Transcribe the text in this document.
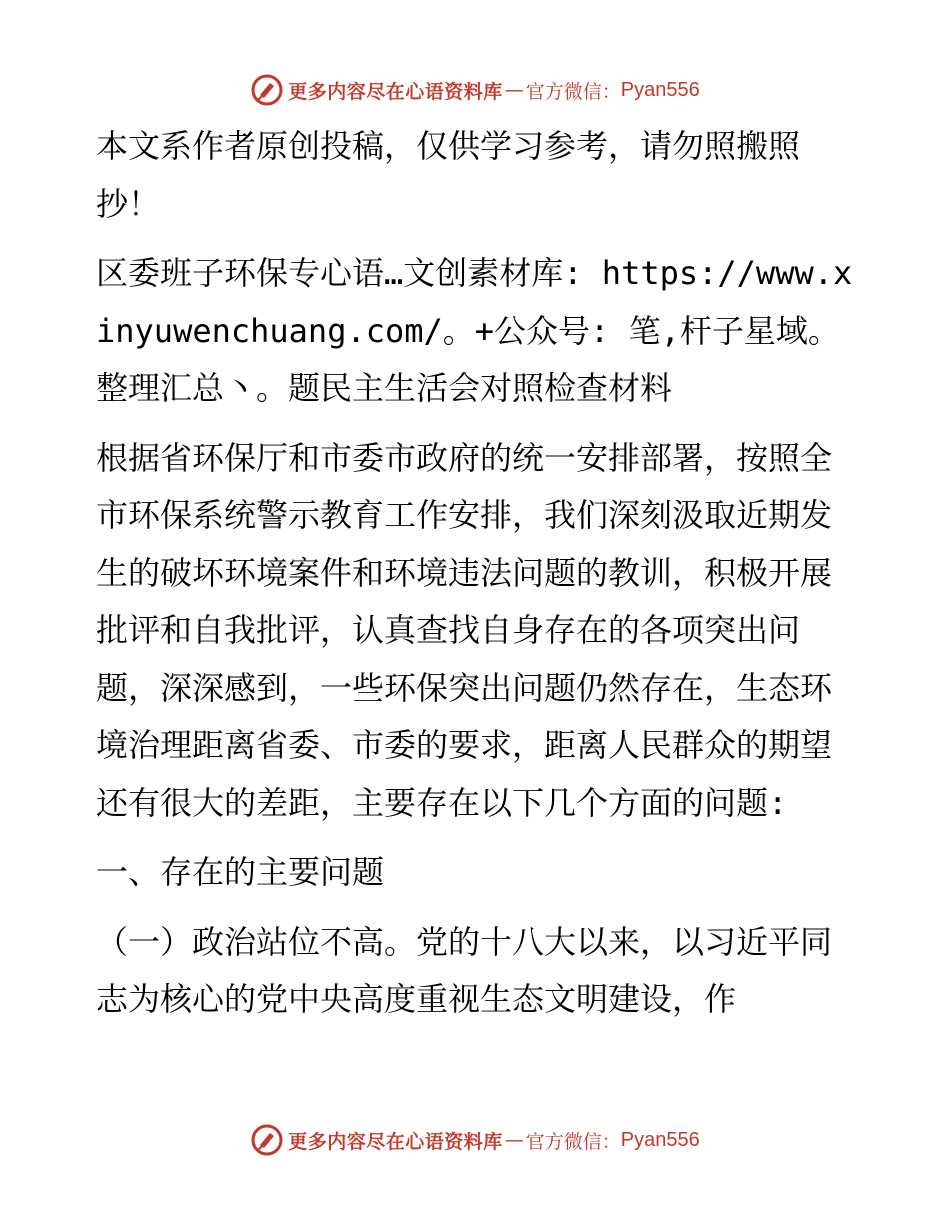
更多内容尽在心语资料库 — 官方微信： Pyan556

本文系作者原创投稿，仅供学习参考，请勿照搬照抄！

区委班子环保专心语…文创素材库: https://www.xinyuwenchuang.com/。+公众号: 笔,杆子星域。整理汇总丶。题民主生活会对照检查材料

根据省环保厅和市委市政府的统一安排部署，按照全市环保系统警示教育工作安排，我们深刻汲取近期发生的破坏环境案件和环境违法问题的教训，积极开展批评和自我批评，认真查找自身存在的各项突出问题，深深感到，一些环保突出问题仍然存在，生态环境治理距离省委、市委的要求，距离人民群众的期望还有很大的差距，主要存在以下几个方面的问题:

一、存在的主要问题

（一）政治站位不高。党的十八大以来，以习近平同志为核心的党中央高度重视生态文明建设，作

更多内容尽在心语资料库 — 官方微信： Pyan556
